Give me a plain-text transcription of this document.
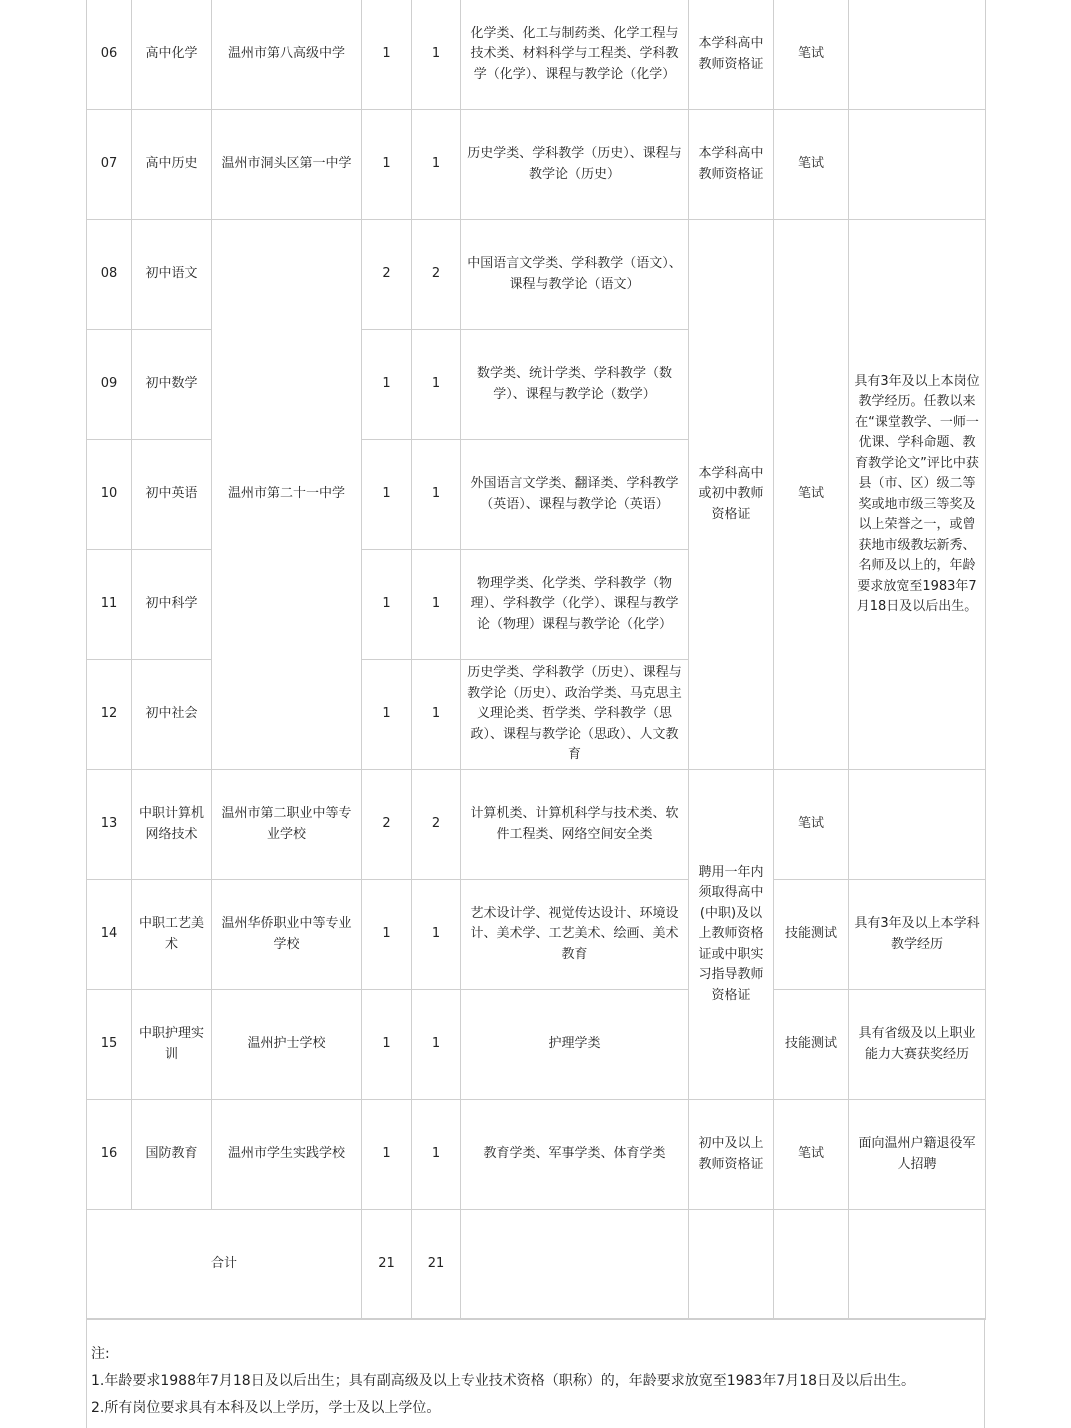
06	高中化学	温州市第八高级中学	1	1	化学类、化工与制药类、化学工程与技术类、材料科学与工程类、学科教学（化学）、课程与教学论（化学）	本学科高中教师资格证	笔试	
07	高中历史	温州市洞头区第一中学	1	1	历史学类、学科教学（历史）、课程与教学论（历史）	本学科高中教师资格证	笔试	
08	初中语文	温州市第二十一中学	2	2	中国语言文学类、学科教学（语文）、课程与教学论（语文）	本学科高中或初中教师资格证	笔试	具有3年及以上本岗位教学经历。任教以来在“课堂教学、一师一优课、学科命题、教育教学论文”评比中获县（市、区）级二等奖或地市级三等奖及以上荣誉之一，或曾获地市级教坛新秀、名师及以上的，年龄要求放宽至1983年7月18日及以后出生。
09	初中数学		1	1	数学类、统计学类、学科教学（数学）、课程与教学论（数学）			
10	初中英语		1	1	外国语言文学类、翻译类、学科教学（英语）、课程与教学论（英语）			
11	初中科学		1	1	物理学类、化学类、学科教学（物理）、学科教学（化学）、课程与教学论（物理）课程与教学论（化学）			
12	初中社会		1	1	历史学类、学科教学（历史）、课程与教学论（历史）、政治学类、马克思主义理论类、哲学类、学科教学（思政）、课程与教学论（思政）、人文教育			
13	中职计算机网络技术	温州市第二职业中等专业学校	2	2	计算机类、计算机科学与技术类、软件工程类、网络空间安全类	聘用一年内须取得高中(中职)及以上教师资格证或中职实习指导教师资格证	笔试	
14	中职工艺美术	温州华侨职业中等专业学校	1	1	艺术设计学、视觉传达设计、环境设计、美术学、工艺美术、绘画、美术教育		技能测试	具有3年及以上本学科教学经历
15	中职护理实训	温州护士学校	1	1	护理学类		技能测试	具有省级及以上职业能力大赛获奖经历
16	国防教育	温州市学生实践学校	1	1	教育学类、军事学类、体育学类	初中及以上教师资格证	笔试	面向温州户籍退役军人招聘
合计			21	21				
注:
1.年龄要求1988年7月18日及以后出生；具有副高级及以上专业技术资格（职称）的，年龄要求放宽至1983年7月18日及以后出生。
2.所有岗位要求具有本科及以上学历，学士及以上学位。
